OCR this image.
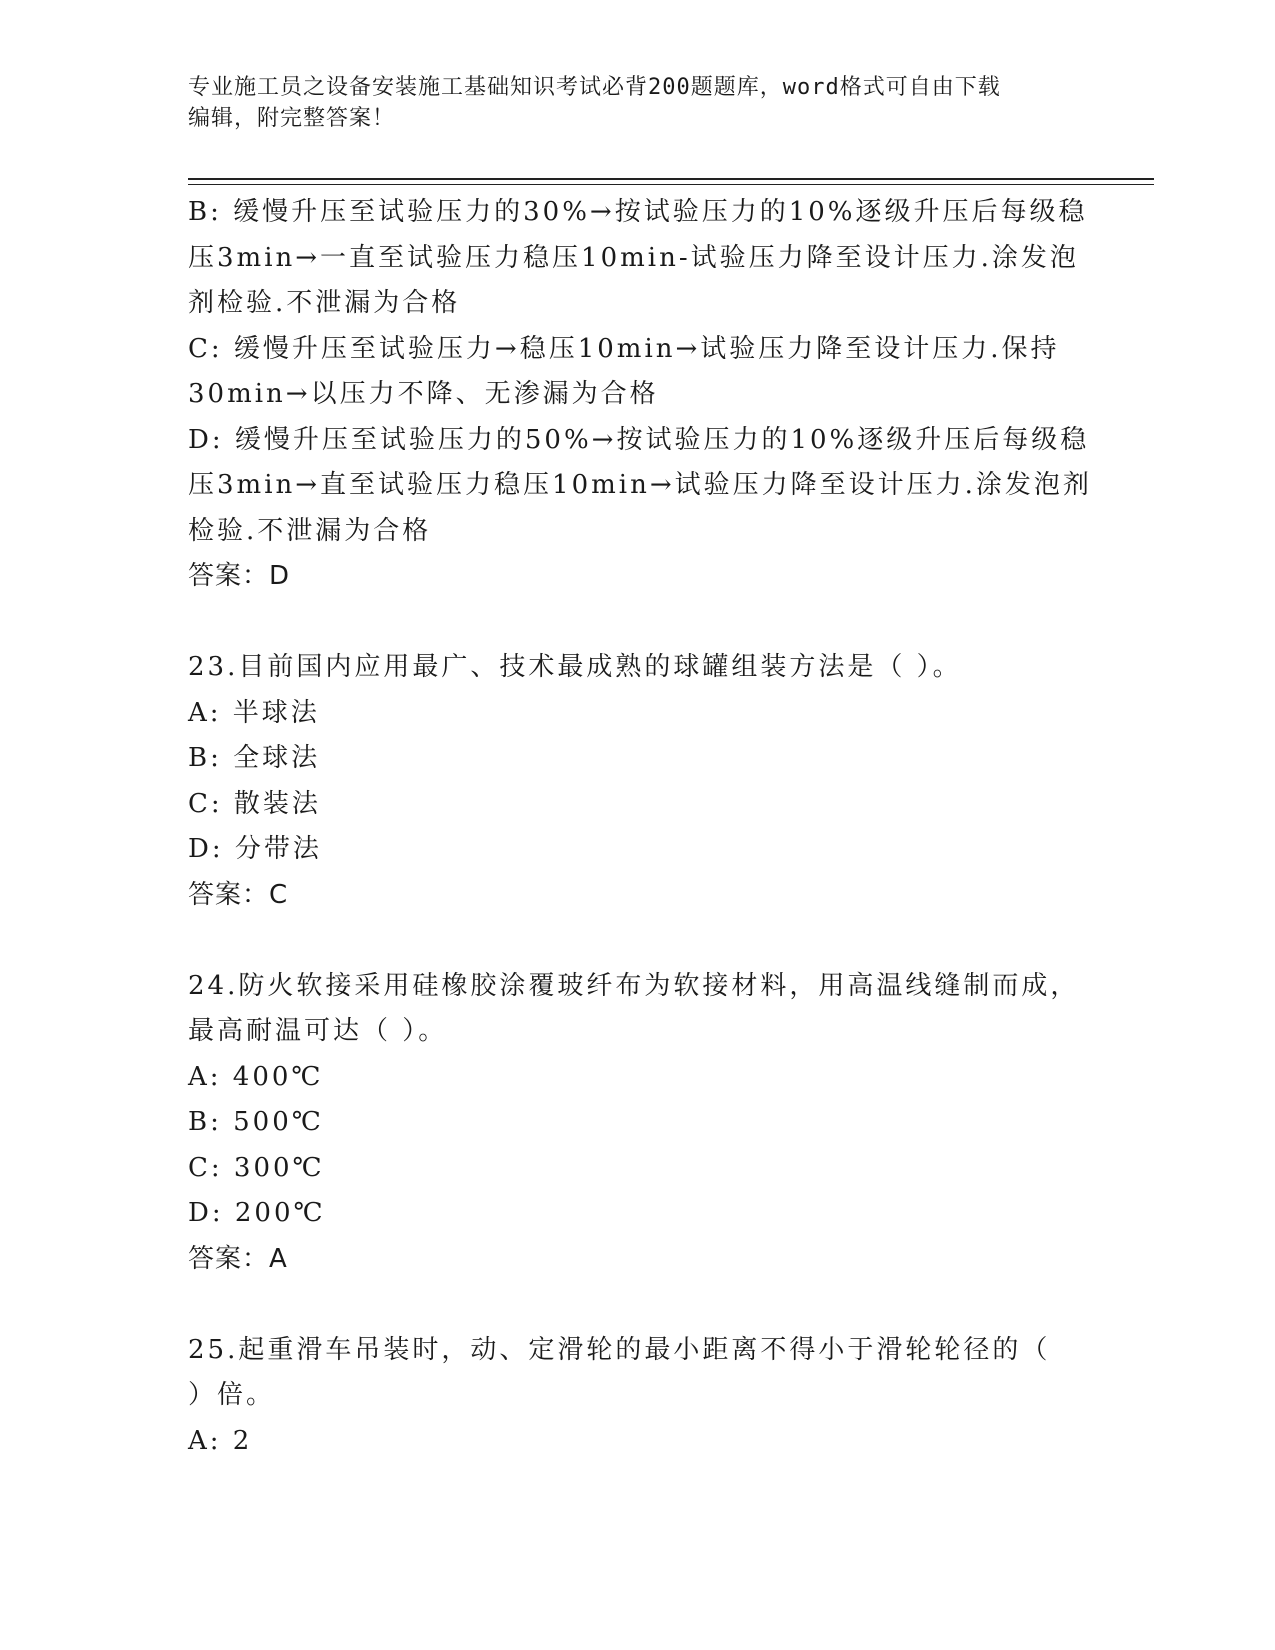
专业施工员之设备安装施工基础知识考试必背200题题库，word格式可自由下载
编辑，附完整答案！
B: 缓慢升压至试验压力的30%→按试验压力的10%逐级升压后每级稳
压3min→一直至试验压力稳压10min-试验压力降至设计压力.涂发泡
剂检验.不泄漏为合格
C: 缓慢升压至试验压力→稳压10min→试验压力降至设计压力.保持
30min→以压力不降、无渗漏为合格
D: 缓慢升压至试验压力的50%→按试验压力的10%逐级升压后每级稳
压3min→直至试验压力稳压10min→试验压力降至设计压力.涂发泡剂
检验.不泄漏为合格
答案：D
23.目前国内应用最广、技术最成熟的球罐组装方法是（ ）。
A: 半球法
B: 全球法
C: 散装法
D: 分带法
答案：C
24.防火软接采用硅橡胶涂覆玻纤布为软接材料，用高温线缝制而成，
最高耐温可达（ ）。
A: 400℃
B: 500℃
C: 300℃
D: 200℃
答案：A
25.起重滑车吊装时，动、定滑轮的最小距离不得小于滑轮轮径的（
）倍。
A: 2
